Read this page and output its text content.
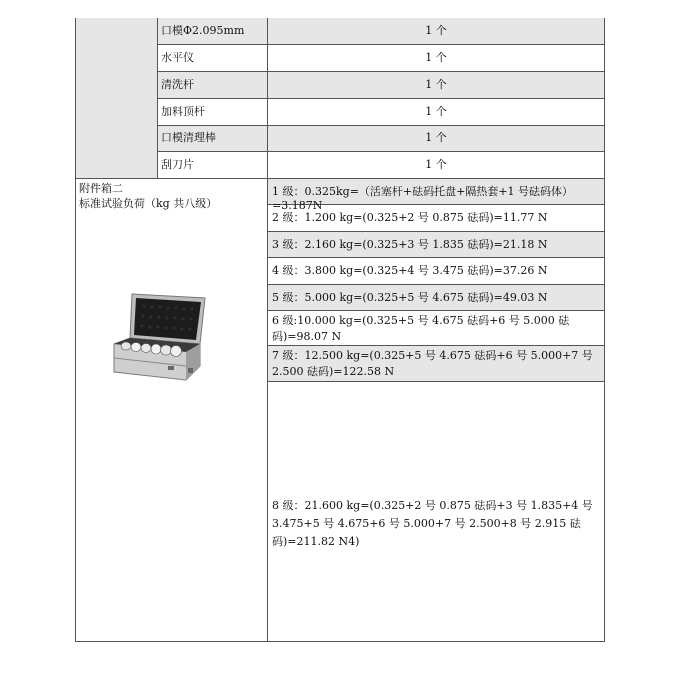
口模Φ2.095mm	1 个
水平仪	1 个
清洗杆	1 个
加料顶杆	1 个
口模清理棒	1 个
刮刀片	1 个
附件箱二
标准试验负荷（kg 共八级）
1 级：0.325kg=（活塞杆+砝码托盘+隔热套+1 号砝码体）=3.187N
2 级：1.200 kg=(0.325+2 号 0.875 砝码)=11.77 N
3 级：2.160 kg=(0.325+3 号 1.835 砝码)=21.18 N
4 级：3.800 kg=(0.325+4 号 3.475 砝码)=37.26 N
5 级：5.000 kg=(0.325+5 号 4.675 砝码)=49.03 N
6 级:10.000 kg=(0.325+5 号 4.675 砝码+6 号 5.000 砝码)=98.07 N
7 级：12.500 kg=(0.325+5 号 4.675 砝码+6 号 5.000+7 号 2.500 砝码)=122.58 N
8 级：21.600 kg=(0.325+2 号 0.875 砝码+3 号 1.835+4 号 3.475+5 号 4.675+6 号 5.000+7 号 2.500+8 号 2.915 砝码)=211.82 N4)
